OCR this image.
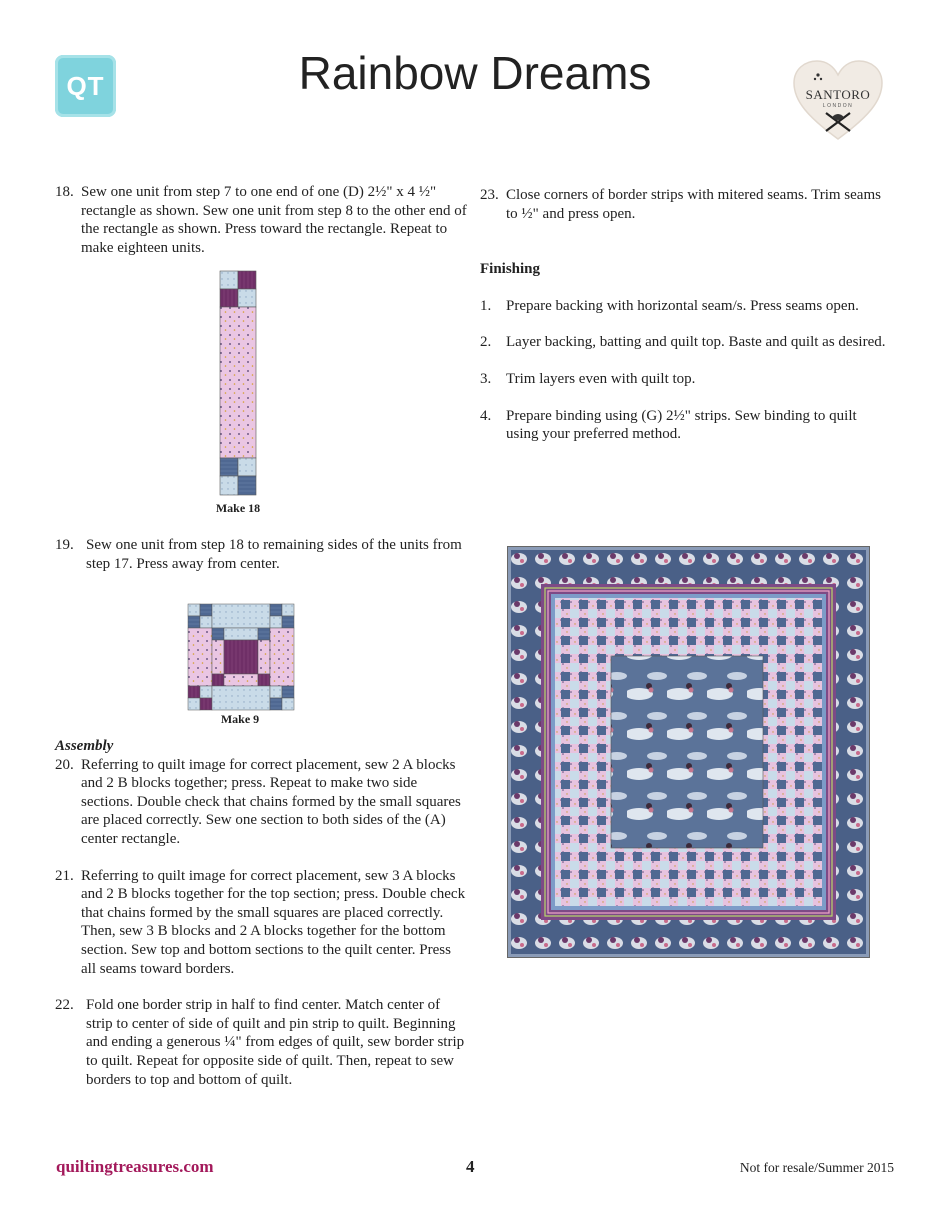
QT	Rainbow Dreams	SANTORO
LONDON
18. Sew one unit from step 7 to one end of one (D) 2½" x 4 ½" rectangle as shown. Sew one unit from step 8 to the other end of the rectangle as shown. Press toward the rectangle. Repeat to make eighteen units.
Make 18
19. Sew one unit from step 18 to remaining sides of the units from step 17. Press away from center.
Make 9
Assembly
20. Referring to quilt image for correct placement, sew 2 A blocks and 2 B blocks together; press. Repeat to make two side sections. Double check that chains formed by the small squares are placed correctly. Sew one section to both sides of the (A) center rectangle.
21. Referring to quilt image for correct placement, sew 3 A blocks and 2 B blocks together for the top section; press. Double check that chains formed by the small squares are placed correctly. Then, sew 3 B blocks and 2 A blocks together for the bottom section. Sew top and bottom sections to the quilt center. Press all seams toward borders.
22. Fold one border strip in half to find center. Match center of strip to center of side of quilt and pin strip to quilt. Beginning and ending a generous ¼" from edges of quilt, sew border strip to quilt. Repeat for opposite side of quilt. Then, repeat to sew borders to top and bottom of quilt.
23. Close corners of border strips with mitered seams. Trim seams to ½" and press open.
Finishing
1. Prepare backing with horizontal seam/s. Press seams open.
2. Layer backing, batting and quilt top. Baste and quilt as desired.
3. Trim layers even with quilt top.
4. Prepare binding using (G) 2½" strips. Sew binding to quilt using your preferred method.
quiltingtreasures.com	4	Not for resale/Summer 2015
